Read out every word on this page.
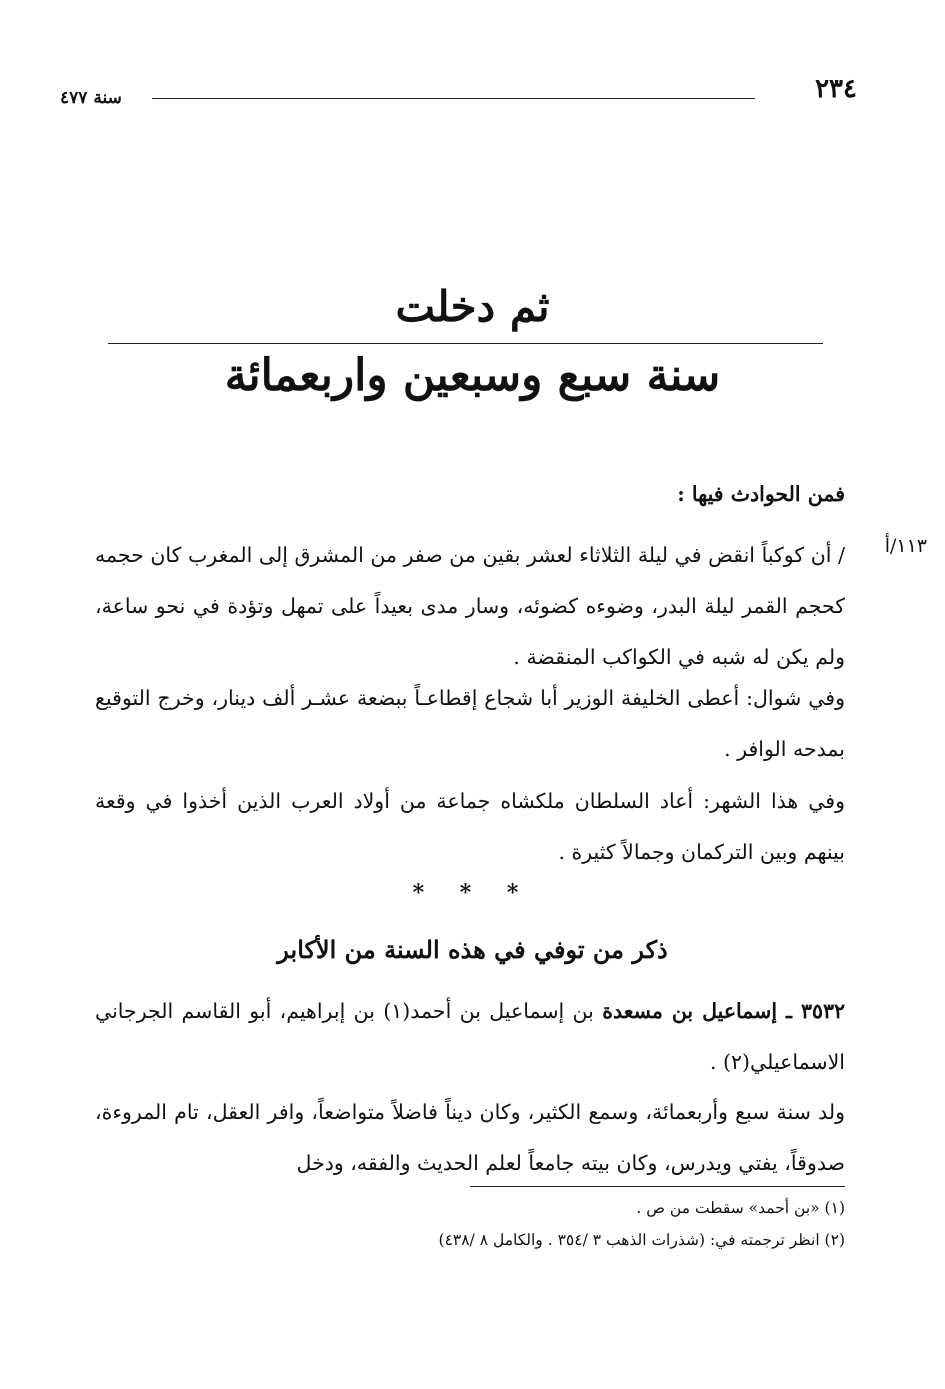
٢٣٤
سنة ٤٧٧
ثم دخلت
سنة سبع وسبعين واربعمائة
فمن الحوادث فيها :
١١٣/أ
/ أن كوكباً انقض في ليلة الثلاثاء لعشر بقين من صفر من المشرق إلى المغرب كان حجمه كحجم القمر ليلة البدر، وضوءه كضوئه، وسار مدى بعيداً على تمهل وتؤدة في نحو ساعة، ولم يكن له شبه في الكواكب المنقضة .
وفي شوال: أعطى الخليفة الوزير أبا شجاع إقطاعـاً ببضعة عشـر ألف دينار، وخرج التوقيع بمدحه الوافر .
وفي هذا الشهر: أعاد السلطان ملكشاه جماعة من أولاد العرب الذين أخذوا في وقعة بينهم وبين التركمان وجمالاً كثيرة .
* * *
ذكر من توفي في هذه السنة من الأكابر
٣٥٣٢ ـ إسماعيل بن مسعدة بن إسماعيل بن أحمد(١) بن إبراهيم، أبو القاسم الجرجاني الاسماعيلي(٢) .
ولد سنة سبع وأربعمائة، وسمع الكثير، وكان ديناً فاضلاً متواضعاً، وافر العقل، تام المروءة، صدوقاً، يفتي ويدرس، وكان بيته جامعاً لعلم الحديث والفقه، ودخل
(١) «بن أحمد» سقطت من ص .
(٢) انظر ترجمته في: (شذرات الذهب ٣ /٣٥٤ . والكامل ٨ /٤٣٨)
